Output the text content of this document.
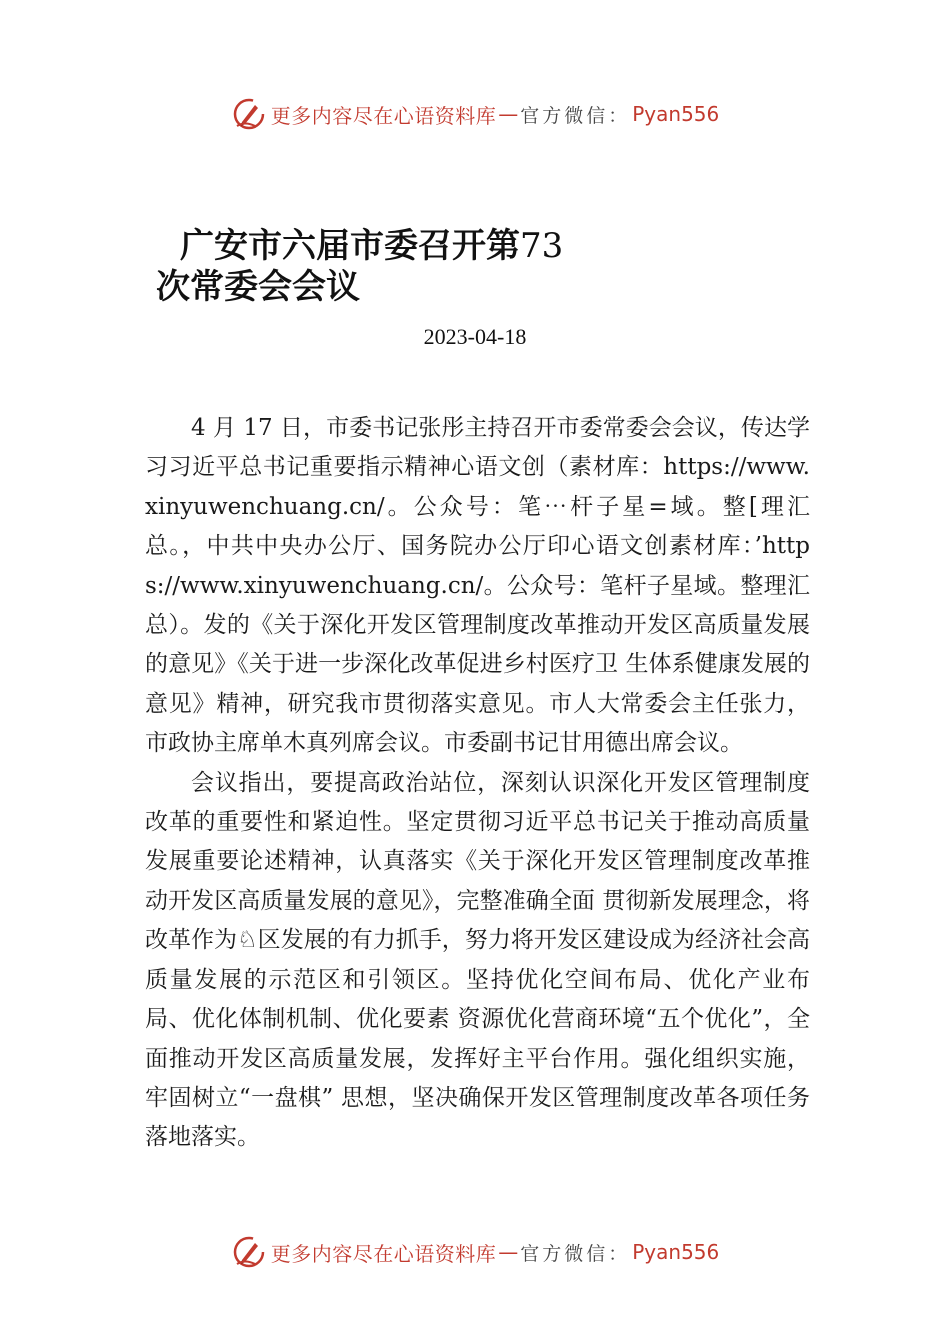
更多内容尽在心语资料库 — 官方微信： Pyan556
广安市六届市委召开第73
次常委会会议
2023-04-18

4 月 17 日，市委书记张彤主持召开市委常委会会议，传达学习习近平总书记重要指示精神心语文创（素材库：https://www.xinyuwenchuang.cn/。公众号：笔⋯杆子星=域。整[理汇总。，中共中央办公厅、国务院办公厅印心语文创素材库：’https://www.xinyuwenchuang.cn/。公众号：笔杆子星域。整理汇总）。发的《关于深化开发区管理制度改革推动开发区高质量发展的意见》《关于进一步深化改革促进乡村医疗卫 生体系健康发展的意见》精神，研究我市贯彻落实意见。市人大常委会主任张力，市政协主席单木真列席会议。市委副书记甘用德出席会议。

会议指出，要提高政治站位，深刻认识深化开发区管理制度改革的重要性和紧迫性。坚定贯彻习近平总书记关于推动高质量发展重要论述精神，认真落实《关于深化开发区管理制度改革推动开发区高质量发展的意见》，完整准确全面 贯彻新发展理念，将改革作为♘区发展的有力抓手，努力将开发区建设成为经济社会高质量发展的示范区和引领区。坚持优化空间布局、优化产业布局、优化体制机制、优化要素 资源优化营商环境“五个优化”，全面推动开发区高质量发展，发挥好主平台作用。强化组织实施，牢固树立“一盘棋” 思想，坚决确保开发区管理制度改革各项任务落地落实。

更多内容尽在心语资料库 — 官方微信： Pyan556
